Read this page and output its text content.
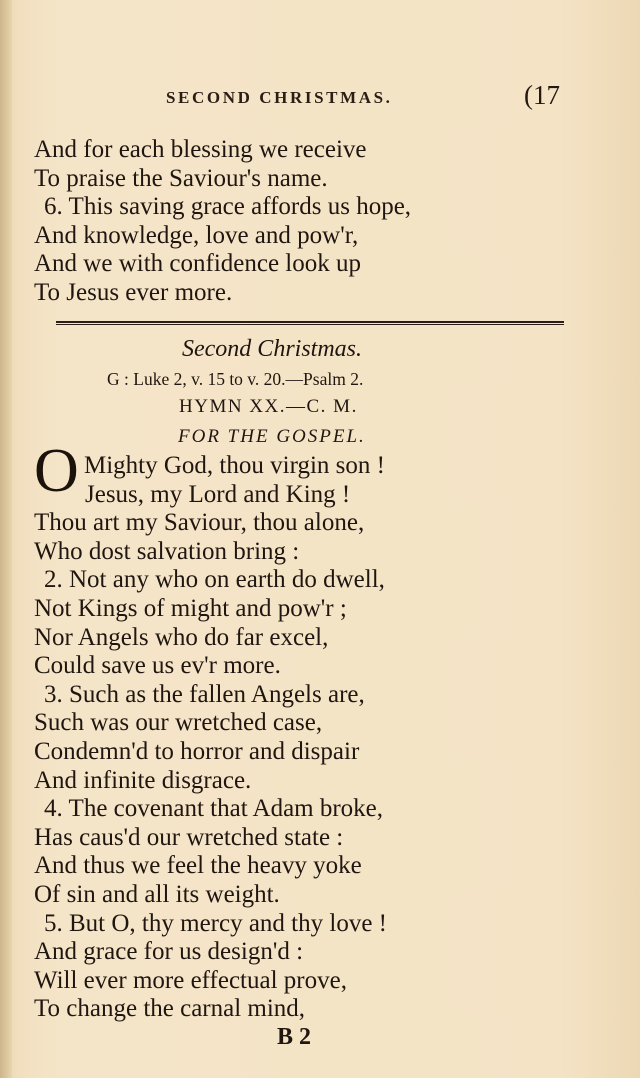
SECOND CHRISTMAS.	(17
And for each blessing we receive
To praise the Saviour's name.
6. This saving grace affords us hope,
And knowledge, love and pow'r,
And we with confidence look up
To Jesus ever more.
Second Christmas.
G : Luke 2, v. 15 to v. 20.—Psalm 2.
HYMN XX.—C. M.
FOR THE GOSPEL.
O Mighty God, thou virgin son !
Jesus, my Lord and King !
Thou art my Saviour, thou alone,
Who dost salvation bring :
2. Not any who on earth do dwell,
Not Kings of might and pow'r ;
Nor Angels who do far excel,
Could save us ev'r more.
3. Such as the fallen Angels are,
Such was our wretched case,
Condemn'd to horror and dispair
And infinite disgrace.
4. The covenant that Adam broke,
Has caus'd our wretched state :
And thus we feel the heavy yoke
Of sin and all its weight.
5. But O, thy mercy and thy love !
And grace for us design'd :
Will ever more effectual prove,
To change the carnal mind,
B 2
